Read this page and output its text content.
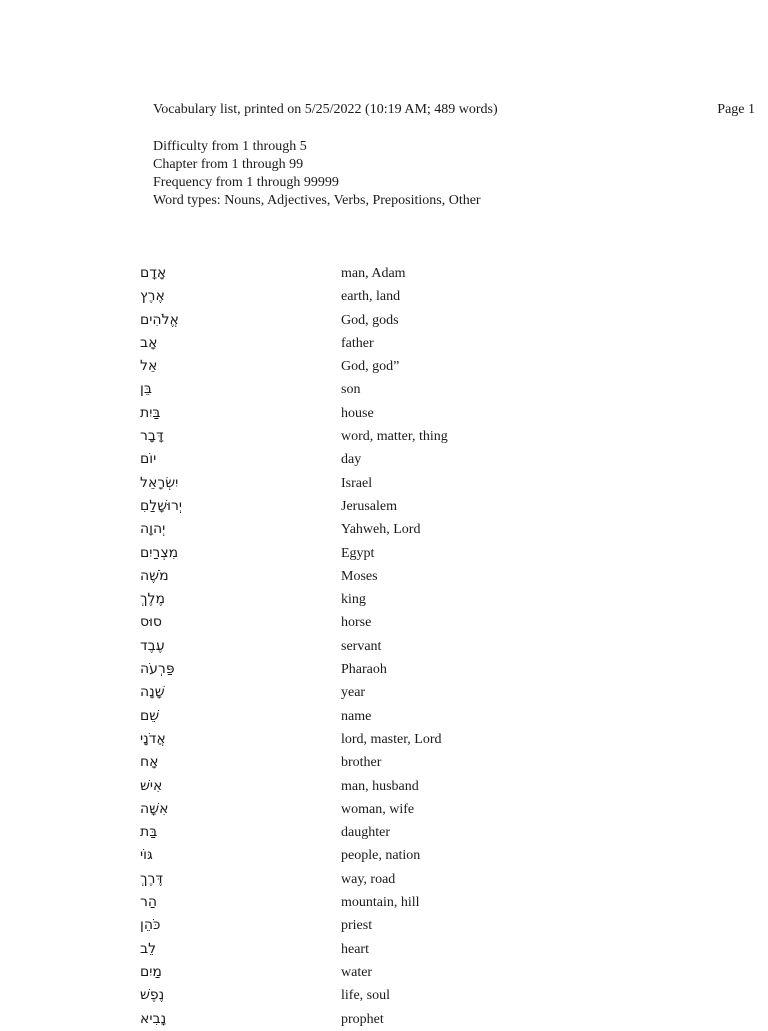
Vocabulary list, printed on 5/25/2022 (10:19 AM; 489 words)	Page 1
Difficulty from 1 through 5
Chapter from 1 through 99
Frequency from 1 through 99999
Word types: Nouns, Adjectives, Verbs, Prepositions, Other
אָדָם	man, Adam
אֶרֶץ	earth, land
אֱלֹהִים	God, gods
אָב	father
אֵל	God, god”
בֵּן	son
בַּיִת	house
דָּבָר	word, matter, thing
יוֹם	day
יִשְׂרָאֵל	Israel
יְרוּשָׁלַםִ	Jerusalem
יְהוָה	Yahweh, Lord
מִצְרַיִם	Egypt
מֹשֶׁה	Moses
מֶלֶךְ	king
סוּס	horse
עֶבֶד	servant
פַּרְעֹה	Pharaoh
שָׁנָה	year
שֵׁם	name
אֲדֹנָי	lord, master, Lord
אָח	brother
אִישׁ	man, husband
אִשָּׁה	woman, wife
בַּת	daughter
גּוֹי	people, nation
דֶּרֶךְ	way, road
הַר	mountain, hill
כֹּהֵן	priest
לֵב	heart
מַיִם	water
נֶפֶשׁ	life, soul
נָבִיא	prophet
